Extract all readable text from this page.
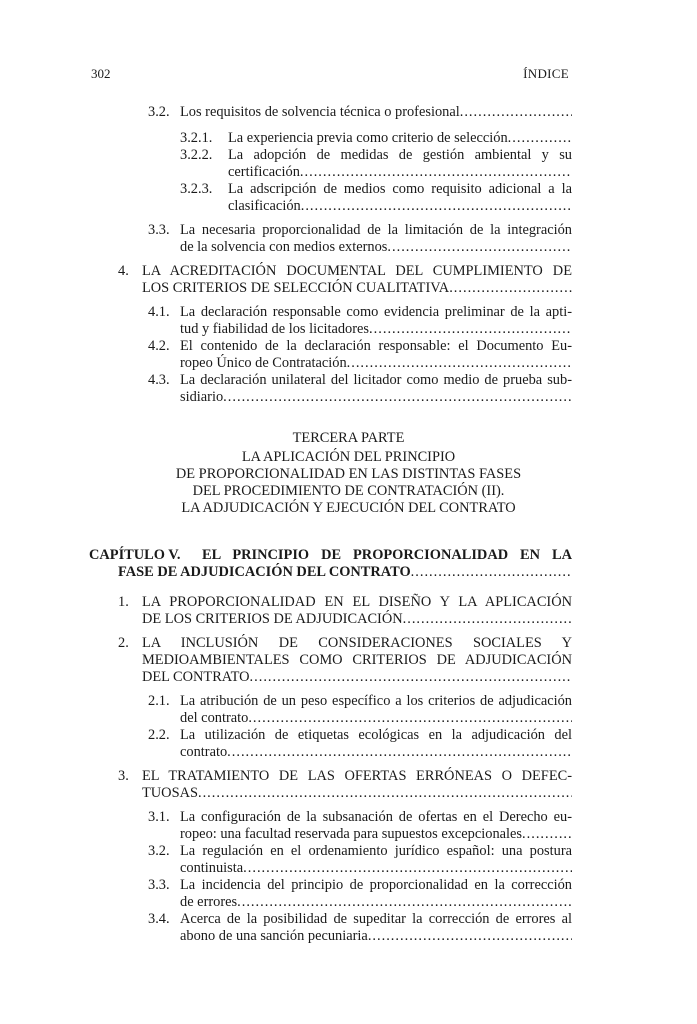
302	ÍNDICE
3.2. Los requisitos de solvencia técnica o profesional
.....
3.2.1. La experiencia previa como criterio de selección
.....
3.2.2. La adopción de medidas de gestión ambiental y su
certificación
.....
3.2.3. La adscripción de medios como requisito adicional a la
clasificación
.....
3.3. La necesaria proporcionalidad de la limitación de la integración
de la solvencia con medios externos
.....
4. LA ACREDITACIÓN DOCUMENTAL DEL CUMPLIMIENTO DE
LOS CRITERIOS DE SELECCIÓN CUALITATIVA
.....
4.1. La declaración responsable como evidencia preliminar de la apti-
tud y fiabilidad de los licitadores
.....
4.2. El contenido de la declaración responsable: el Documento Eu-
ropeo Único de Contratación
.....
4.3. La declaración unilateral del licitador como medio de prueba sub-
sidiario
.....
TERCERA PARTE
LA APLICACIÓN DEL PRINCIPIO
DE PROPORCIONALIDAD EN LAS DISTINTAS FASES
DEL PROCEDIMIENTO DE CONTRATACIÓN (II).
LA ADJUDICACIÓN Y EJECUCIÓN DEL CONTRATO
CAPÍTULO V. EL PRINCIPIO DE PROPORCIONALIDAD EN LA
FASE DE ADJUDICACIÓN DEL CONTRATO
.....
1. LA PROPORCIONALIDAD EN EL DISEÑO Y LA APLICACIÓN
DE LOS CRITERIOS DE ADJUDICACIÓN
.....
2. LA INCLUSIÓN DE CONSIDERACIONES SOCIALES Y
MEDIOAMBIENTALES COMO CRITERIOS DE ADJUDICACIÓN
DEL CONTRATO
.....
2.1. La atribución de un peso específico a los criterios de adjudicación
del contrato
.....
2.2. La utilización de etiquetas ecológicas en la adjudicación del
contrato
.....
3. EL TRATAMIENTO DE LAS OFERTAS ERRÓNEAS O DEFEC-
TUOSAS
.....
3.1. La configuración de la subsanación de ofertas en el Derecho eu-
ropeo: una facultad reservada para supuestos excepcionales
.....
3.2. La regulación en el ordenamiento jurídico español: una postura
continuista
.....
3.3. La incidencia del principio de proporcionalidad en la corrección
de errores
.....
3.4. Acerca de la posibilidad de supeditar la corrección de errores al
abono de una sanción pecuniaria
.....
